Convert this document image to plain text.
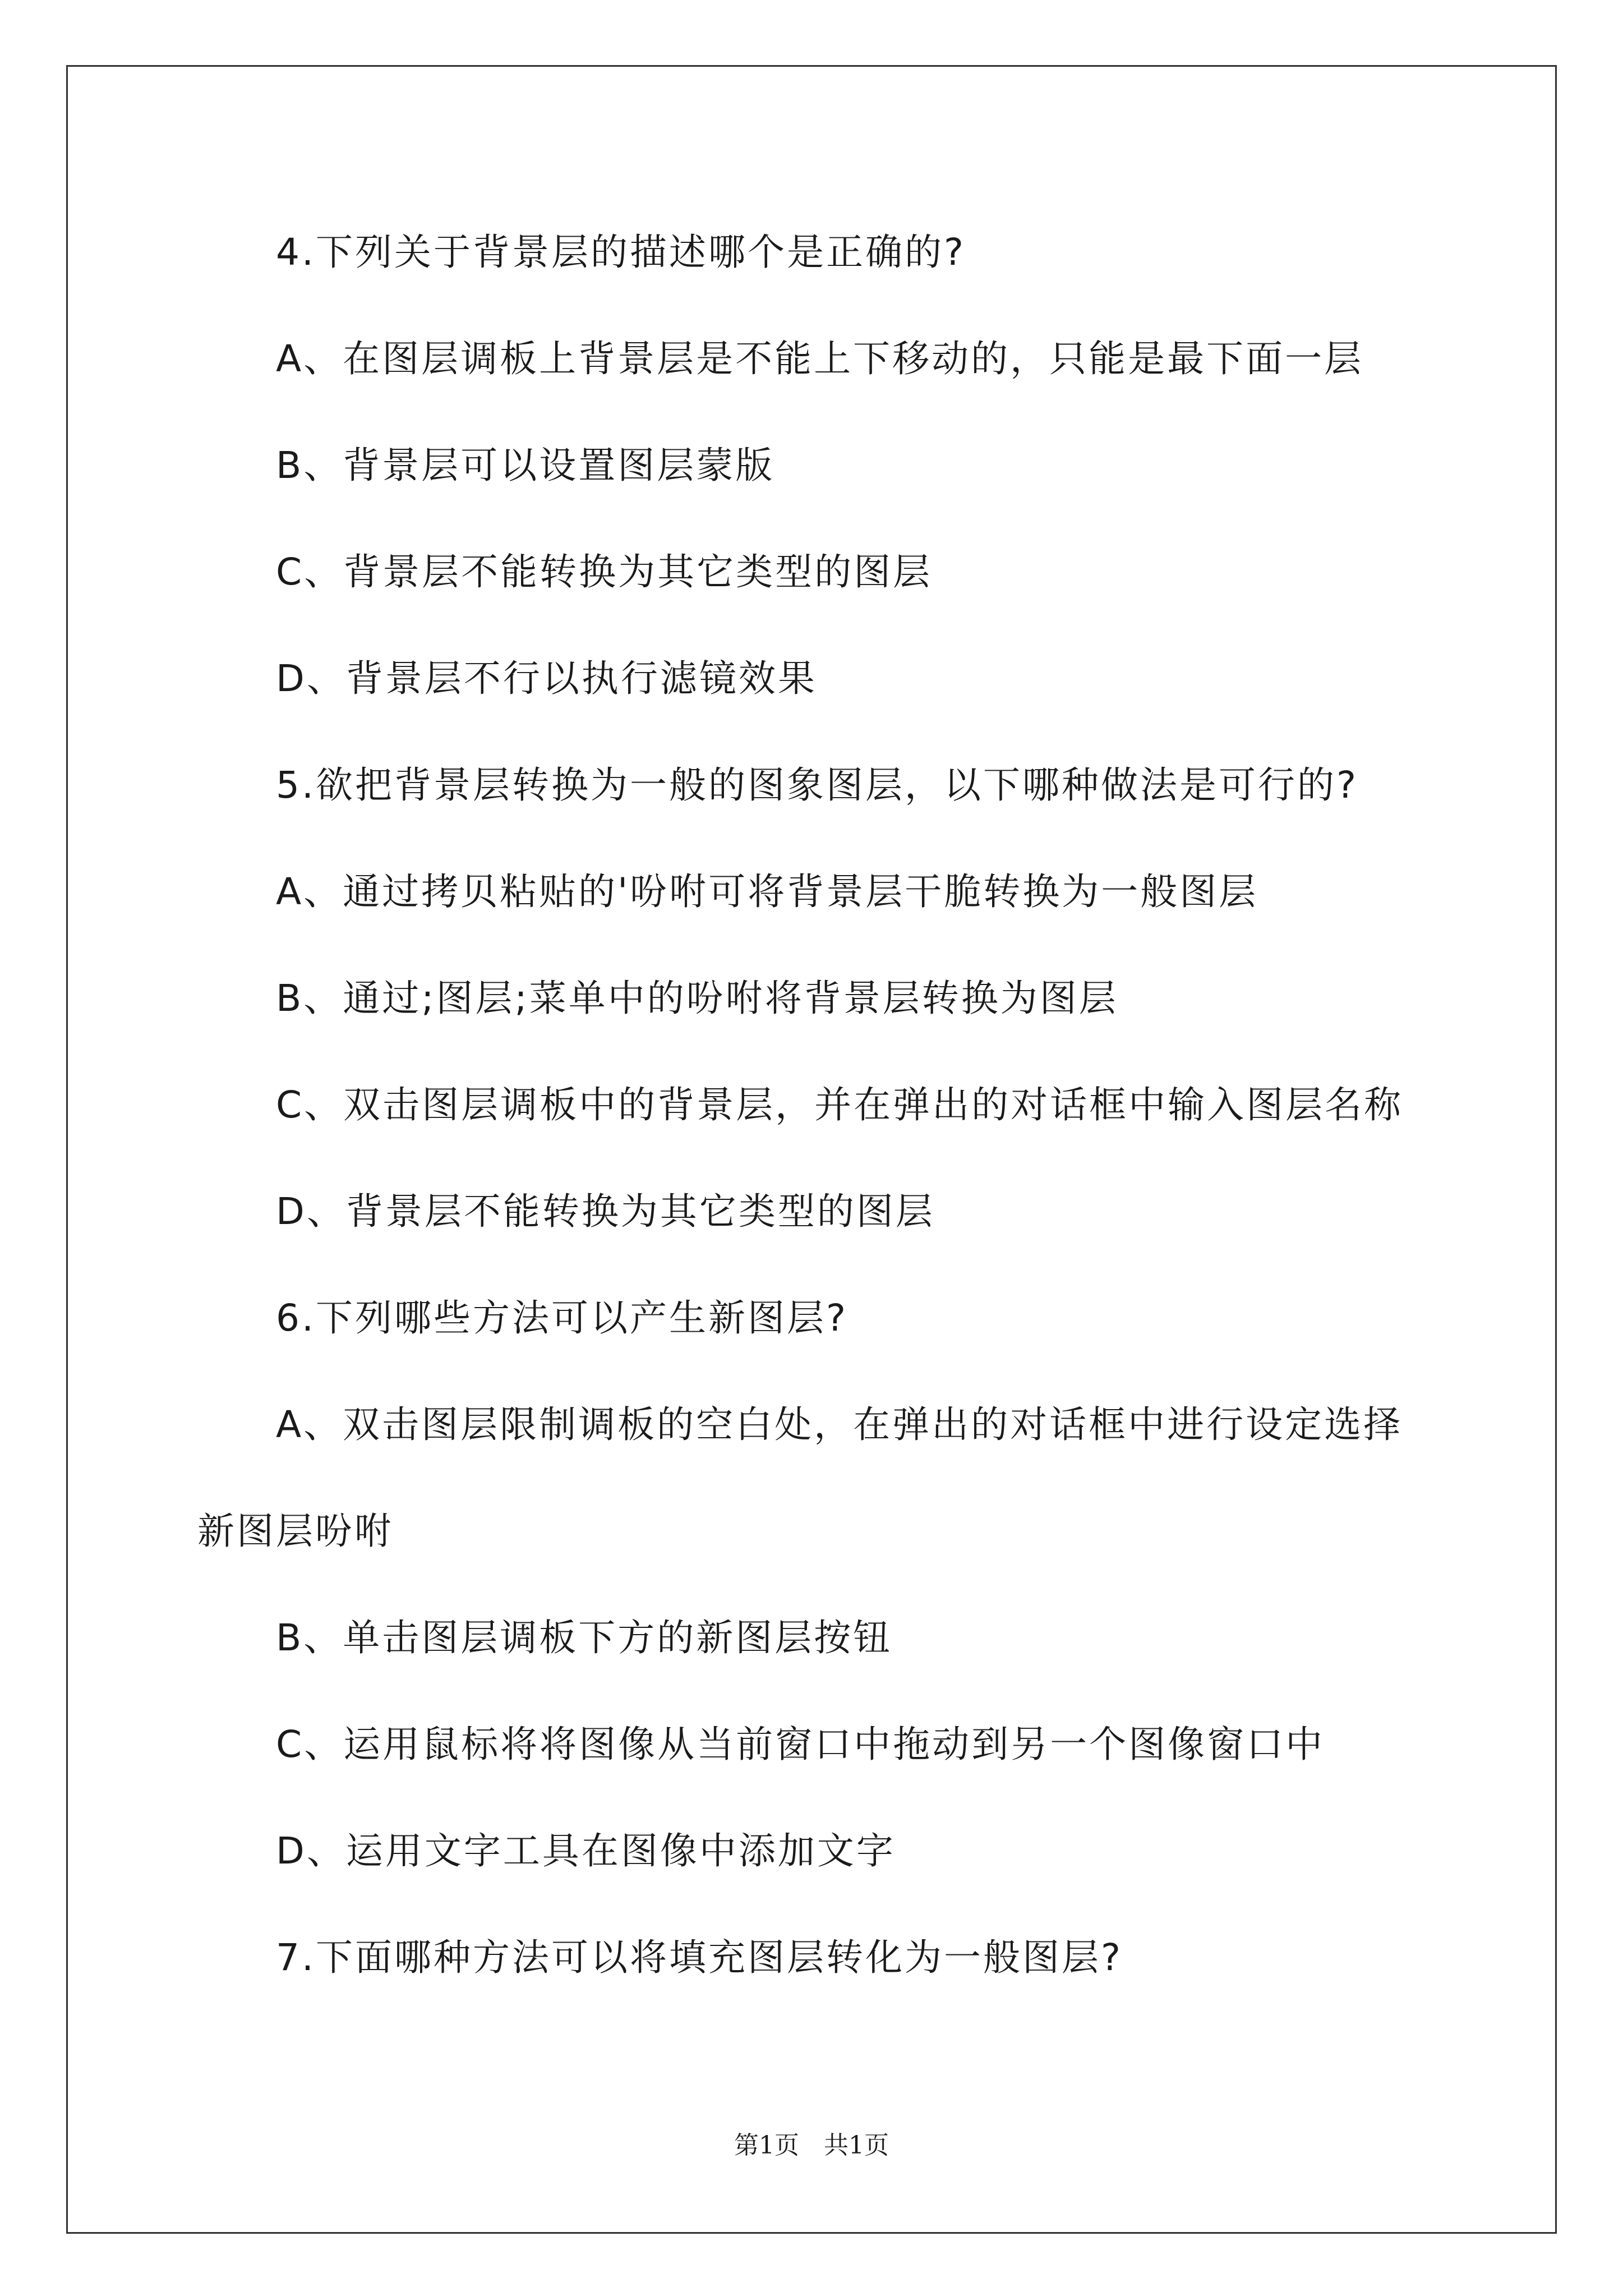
4.下列关于背景层的描述哪个是正确的?
A、在图层调板上背景层是不能上下移动的，只能是最下面一层
B、背景层可以设置图层蒙版
C、背景层不能转换为其它类型的图层
D、背景层不行以执行滤镜效果
5.欲把背景层转换为一般的图象图层，以下哪种做法是可行的?
A、通过拷贝粘贴的'吩咐可将背景层干脆转换为一般图层
B、通过;图层;菜单中的吩咐将背景层转换为图层
C、双击图层调板中的背景层，并在弹出的对话框中输入图层名称
D、背景层不能转换为其它类型的图层
6.下列哪些方法可以产生新图层?
A、双击图层限制调板的空白处，在弹出的对话框中进行设定选择
新图层吩咐
B、单击图层调板下方的新图层按钮
C、运用鼠标将将图像从当前窗口中拖动到另一个图像窗口中
D、运用文字工具在图像中添加文字
7.下面哪种方法可以将填充图层转化为一般图层?
第1页　共1页
